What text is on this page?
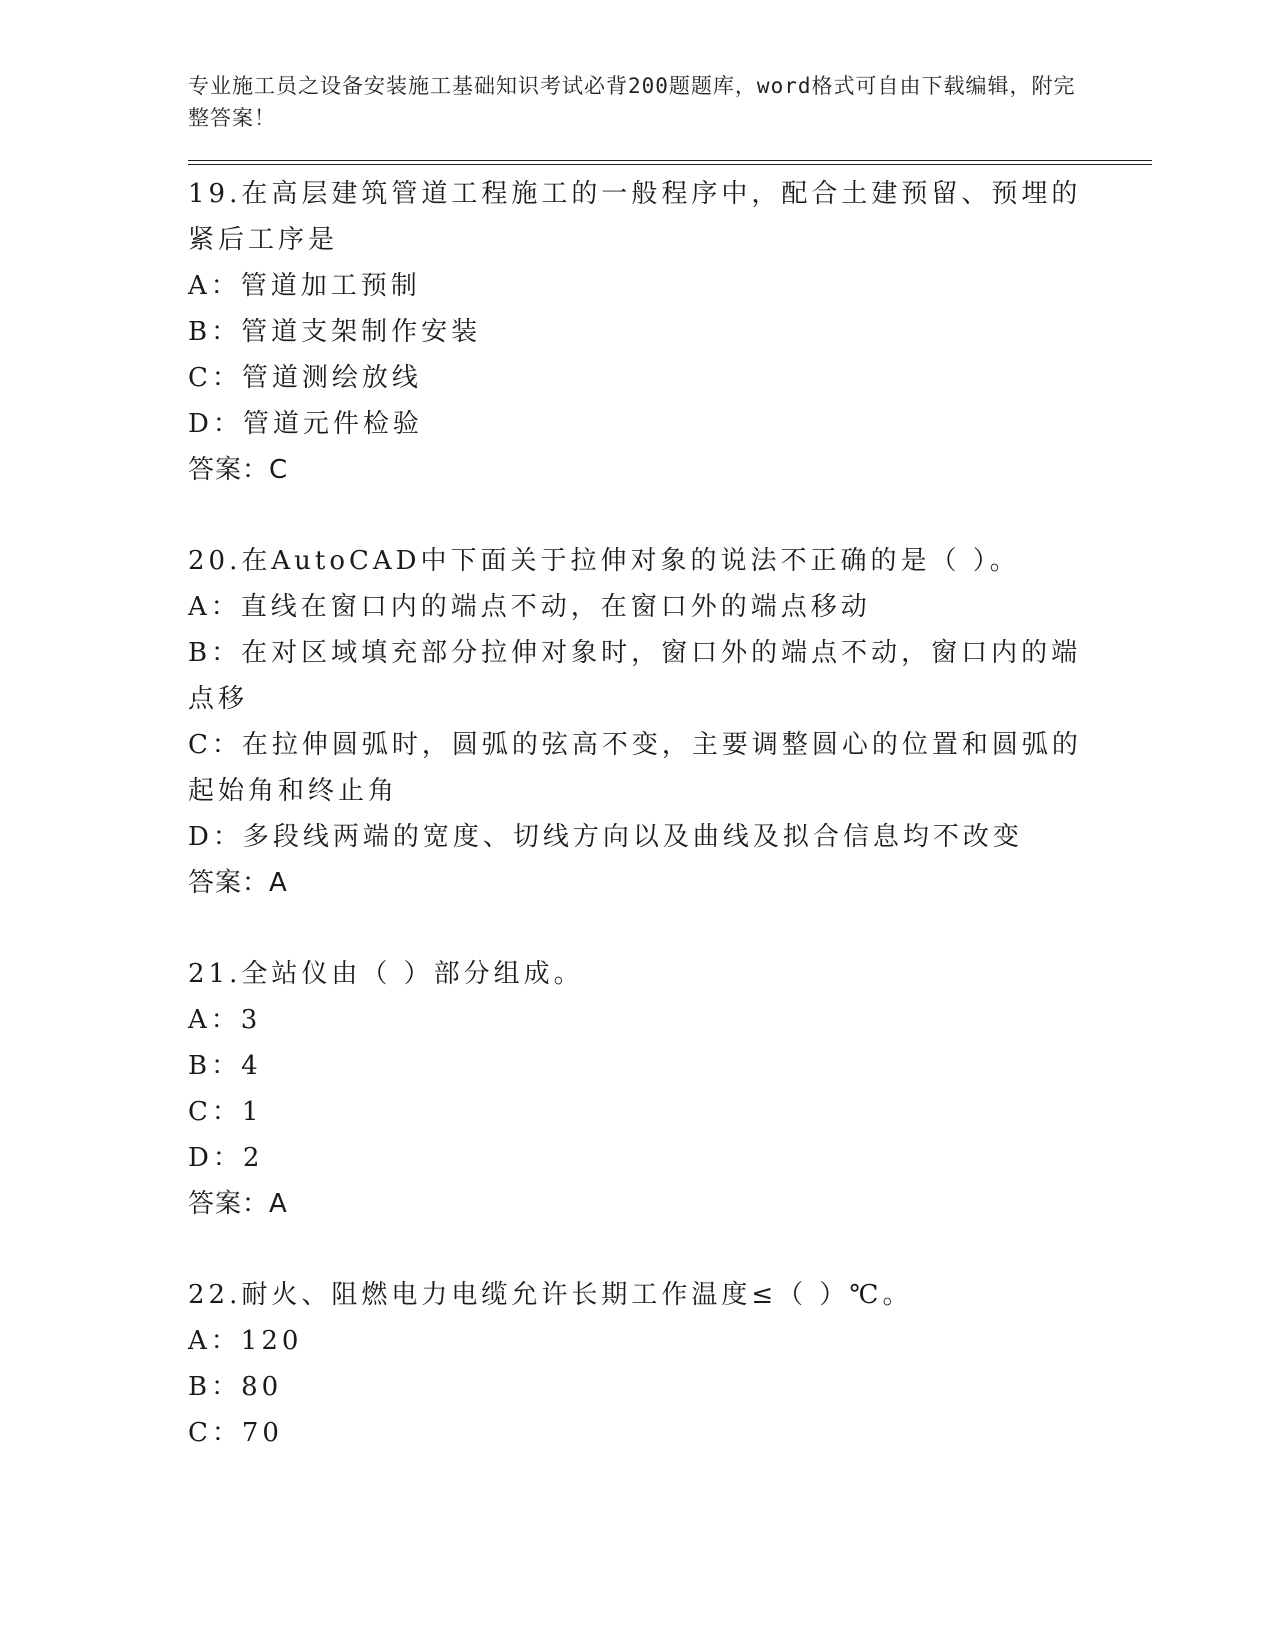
专业施工员之设备安装施工基础知识考试必背200题题库，word格式可自由下载编辑，附完整答案！
19.在高层建筑管道工程施工的一般程序中，配合土建预留、预埋的紧后工序是
A：管道加工预制
B：管道支架制作安装
C：管道测绘放线
D：管道元件检验
答案：C
20.在AutoCAD中下面关于拉伸对象的说法不正确的是（ ）。
A：直线在窗口内的端点不动，在窗口外的端点移动
B：在对区域填充部分拉伸对象时，窗口外的端点不动，窗口内的端点移
C：在拉伸圆弧时，圆弧的弦高不变，主要调整圆心的位置和圆弧的起始角和终止角
D：多段线两端的宽度、切线方向以及曲线及拟合信息均不改变
答案：A
21.全站仪由（ ）部分组成。
A：3
B：4
C：1
D：2
答案：A
22.耐火、阻燃电力电缆允许长期工作温度≤（ ）℃。
A：120
B：80
C：70
